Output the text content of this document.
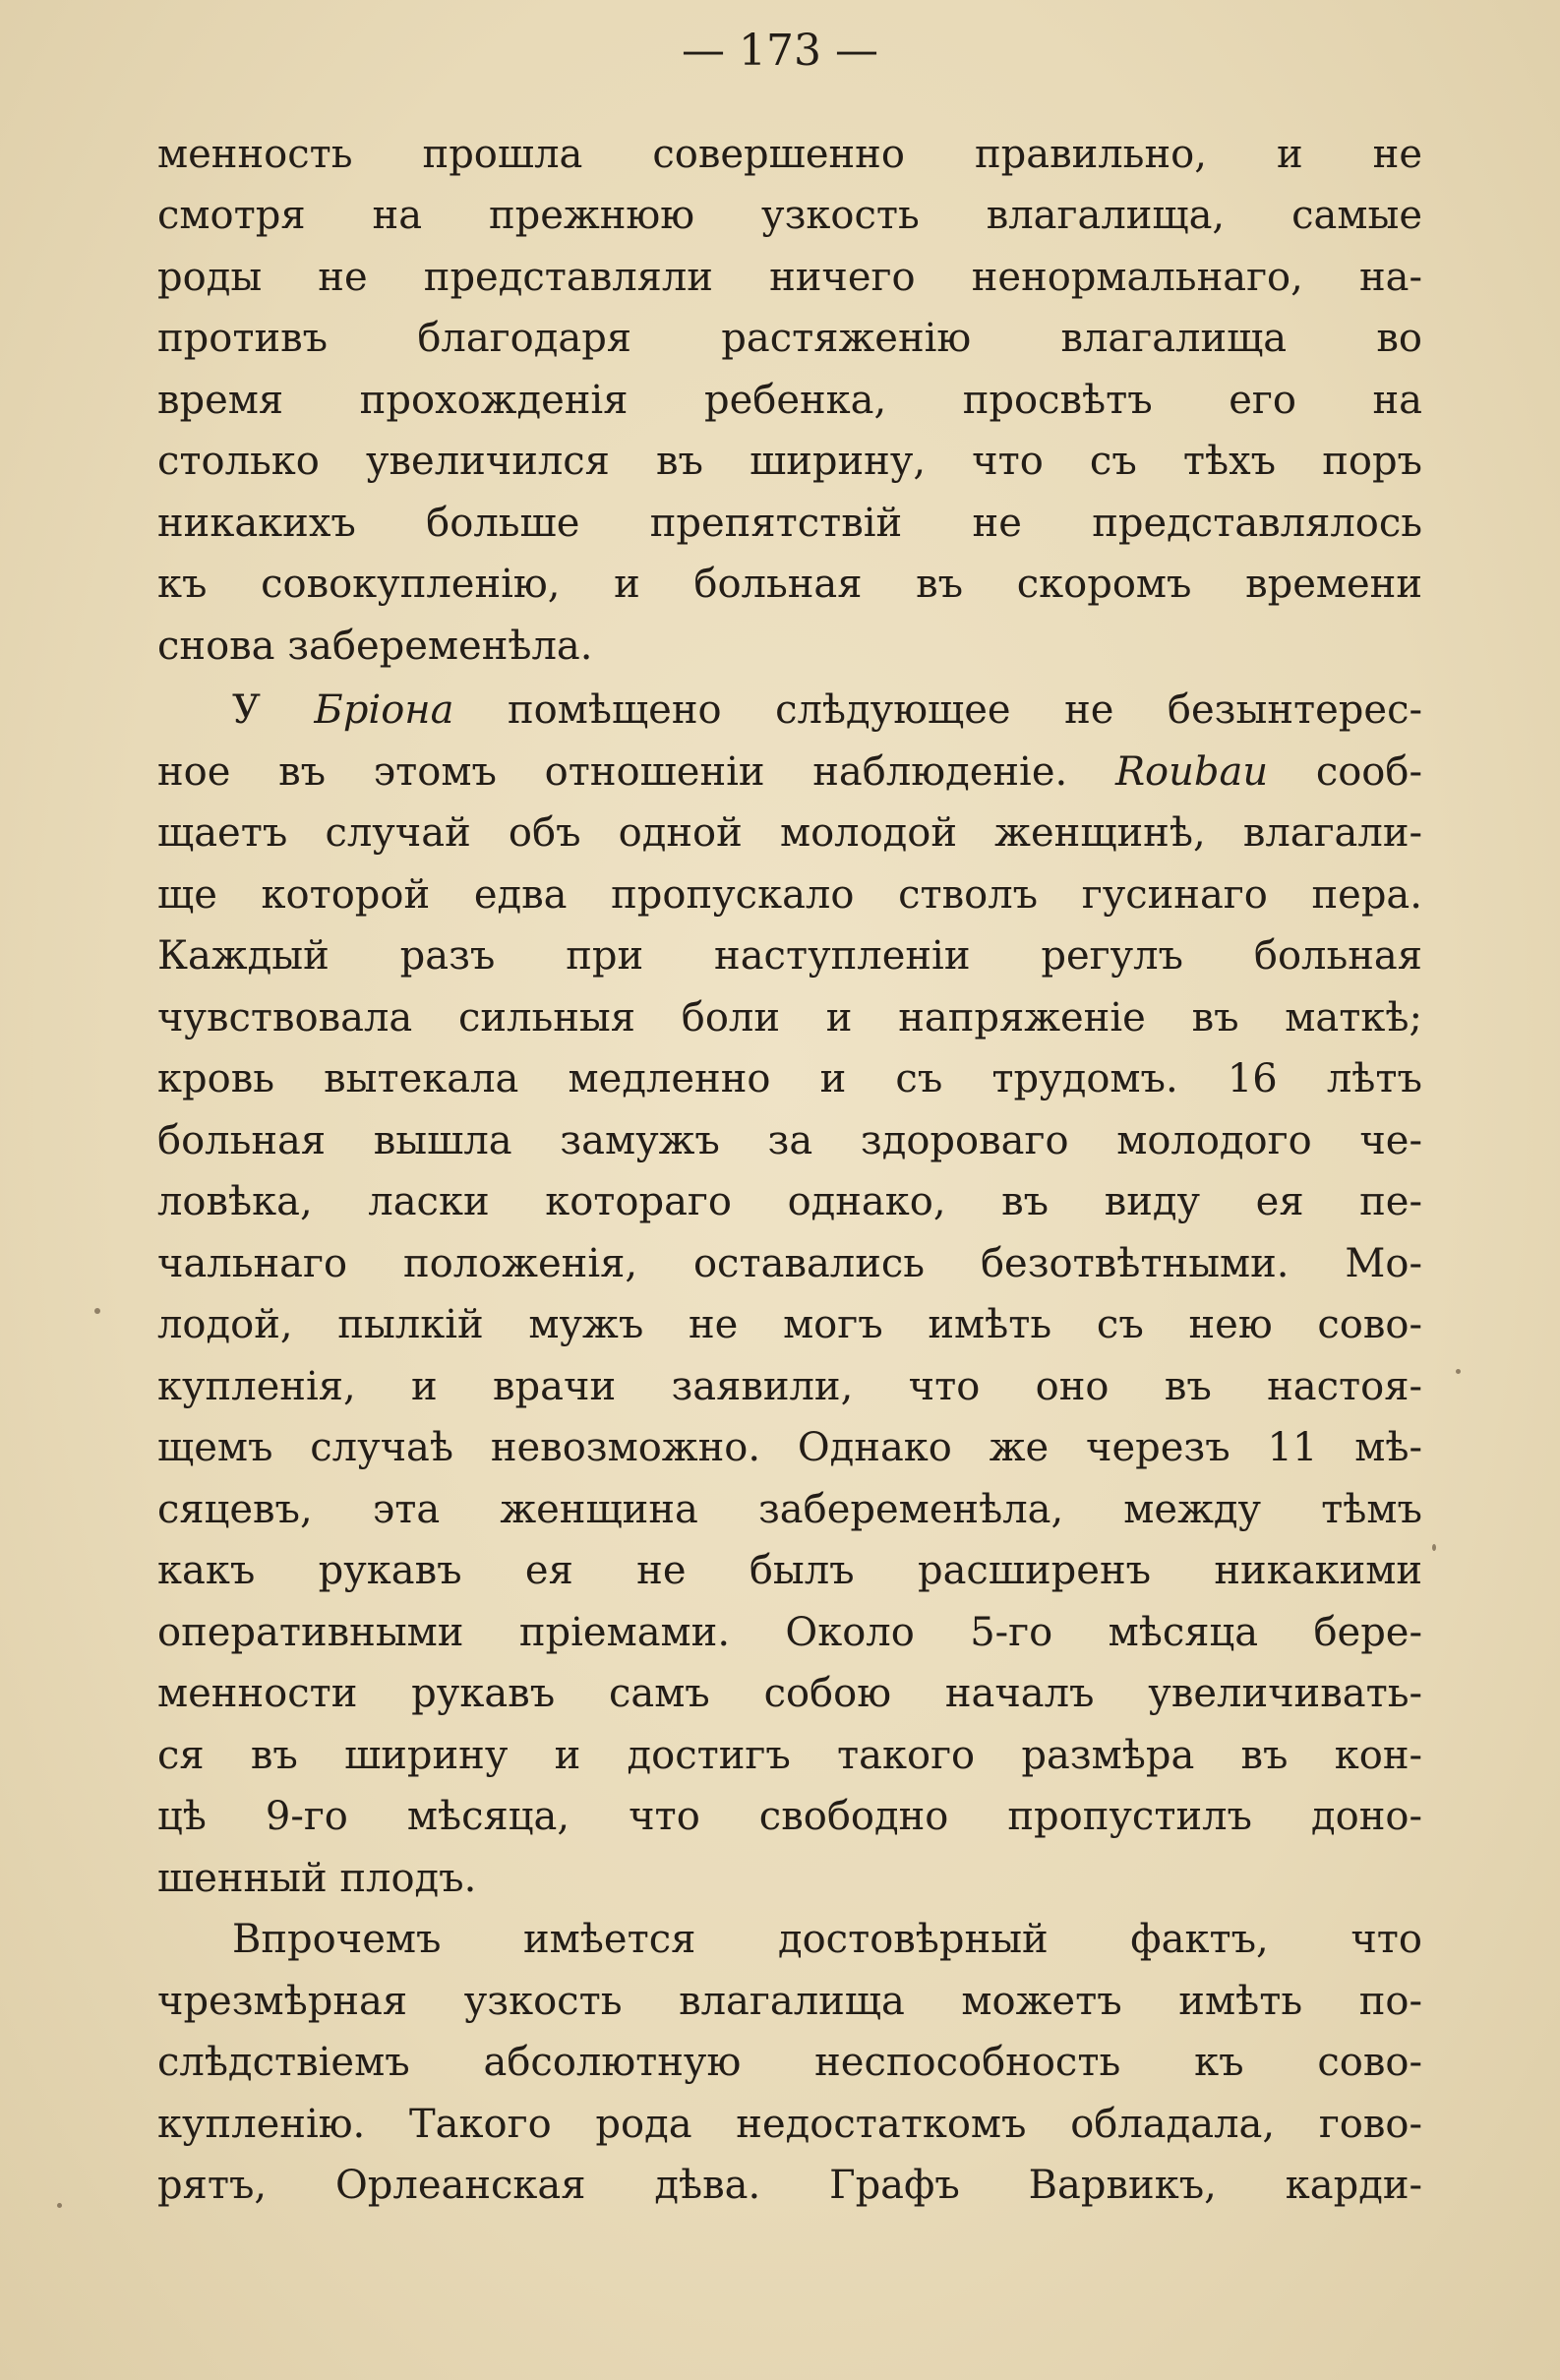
— 173 —
менность прошла совершенно правильно, и не
смотря на прежнюю узкость влагалища, самые
роды не представляли ничего ненормальнаго, на-
противъ благодаря растяженію влагалища во
время прохожденія ребенка, просвѣтъ его на
столько увеличился въ ширину, что съ тѣхъ поръ
никакихъ больше препятствій не представлялось
къ совокупленію, и больная въ скоромъ времени
снова забеременѣла.
У Бріона помѣщено слѣдующее не безынтерес-
ное въ этомъ отношеніи наблюденіе. Roubau сооб-
щаетъ случай объ одной молодой женщинѣ, влагали-
ще которой едва пропускало стволъ гусинаго пера.
Каждый разъ при наступленіи регулъ больная
чувствовала сильныя боли и напряженіе въ маткѣ;
кровь вытекала медленно и съ трудомъ. 16 лѣтъ
больная вышла замужъ за здороваго молодого че-
ловѣка, ласки котораго однако, въ виду ея пе-
чальнаго положенія, оставались безотвѣтными. Мо-
лодой, пылкій мужъ не могъ имѣть съ нею сово-
купленія, и врачи заявили, что оно въ настоя-
щемъ случаѣ невозможно. Однако же черезъ 11 мѣ-
сяцевъ, эта женщина забеременѣла, между тѣмъ
какъ рукавъ ея не былъ расширенъ никакими
оперативными пріемами. Около 5-го мѣсяца бере-
менности рукавъ самъ собою началъ увеличивать-
ся въ ширину и достигъ такого размѣра въ кон-
цѣ 9-го мѣсяца, что свободно пропустилъ доно-
шенный плодъ.
Впрочемъ имѣется достовѣрный фактъ, что
чрезмѣрная узкость влагалища можетъ имѣть по-
слѣдствіемъ абсолютную неспособность къ сово-
купленію. Такого рода недостаткомъ обладала, гово-
рятъ, Орлеанская дѣва. Графъ Варвикъ, карди-
